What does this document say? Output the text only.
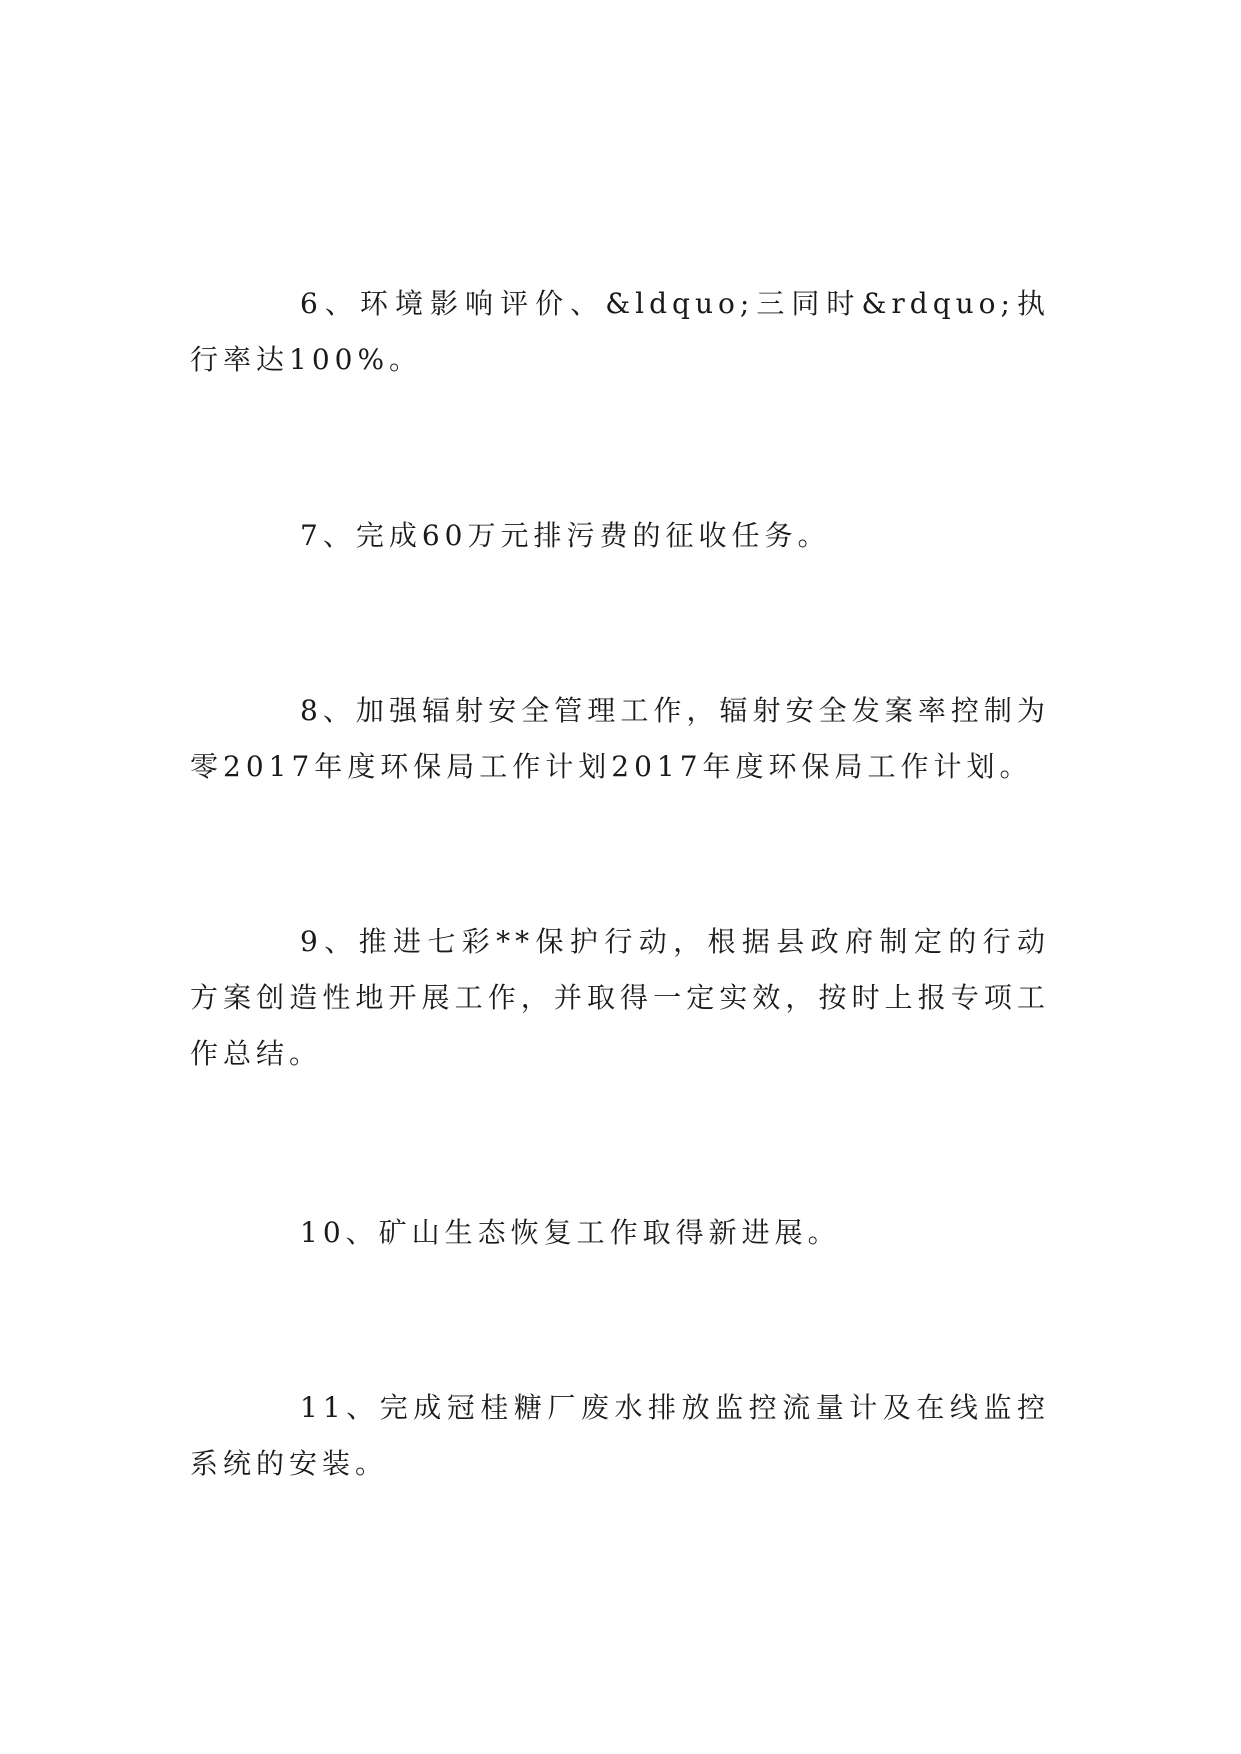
6、环境影响评价、&ldquo;三同时&rdquo;执行率达100%。

7、完成60万元排污费的征收任务。

8、加强辐射安全管理工作，辐射安全发案率控制为零2017年度环保局工作计划2017年度环保局工作计划。

9、推进七彩**保护行动，根据县政府制定的行动方案创造性地开展工作，并取得一定实效，按时上报专项工作总结。

10、矿山生态恢复工作取得新进展。

11、完成冠桂糖厂废水排放监控流量计及在线监控系统的安装。
